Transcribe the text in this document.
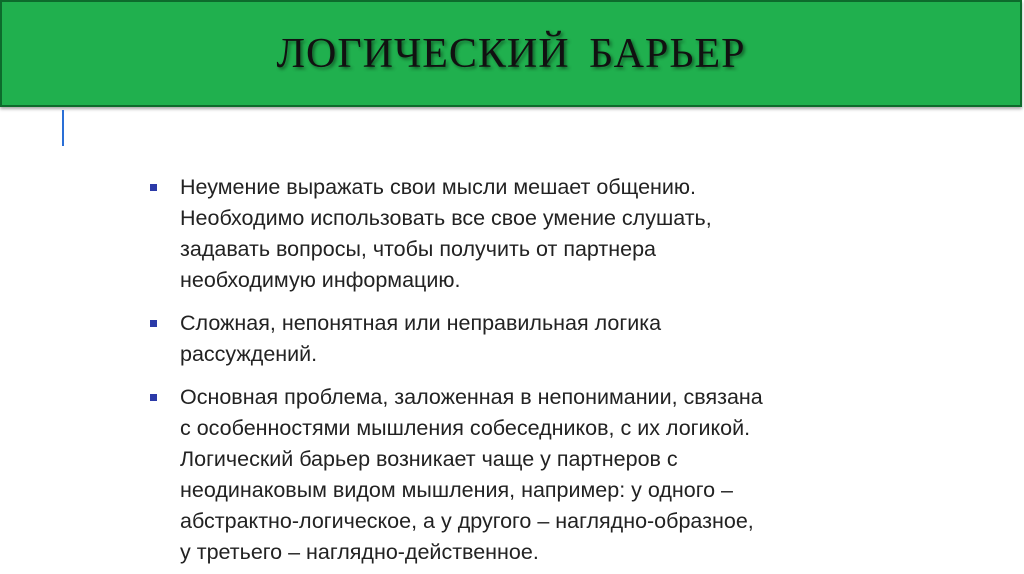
ЛОГИЧЕСКИЙ БАРЬЕР
Неумение выражать свои мысли мешает общению.
Необходимо использовать все свое умение слушать,
задавать вопросы, чтобы получить от партнера
необходимую информацию.
Сложная, непонятная или неправильная логика
рассуждений.
Основная проблема, заложенная в непонимании, связана
с особенностями мышления собеседников, с их логикой.
Логический барьер возникает чаще у партнеров с
неодинаковым видом мышления, например: у одного –
абстрактно-логическое, а у другого – наглядно-образное,
у третьего – наглядно-действенное.
